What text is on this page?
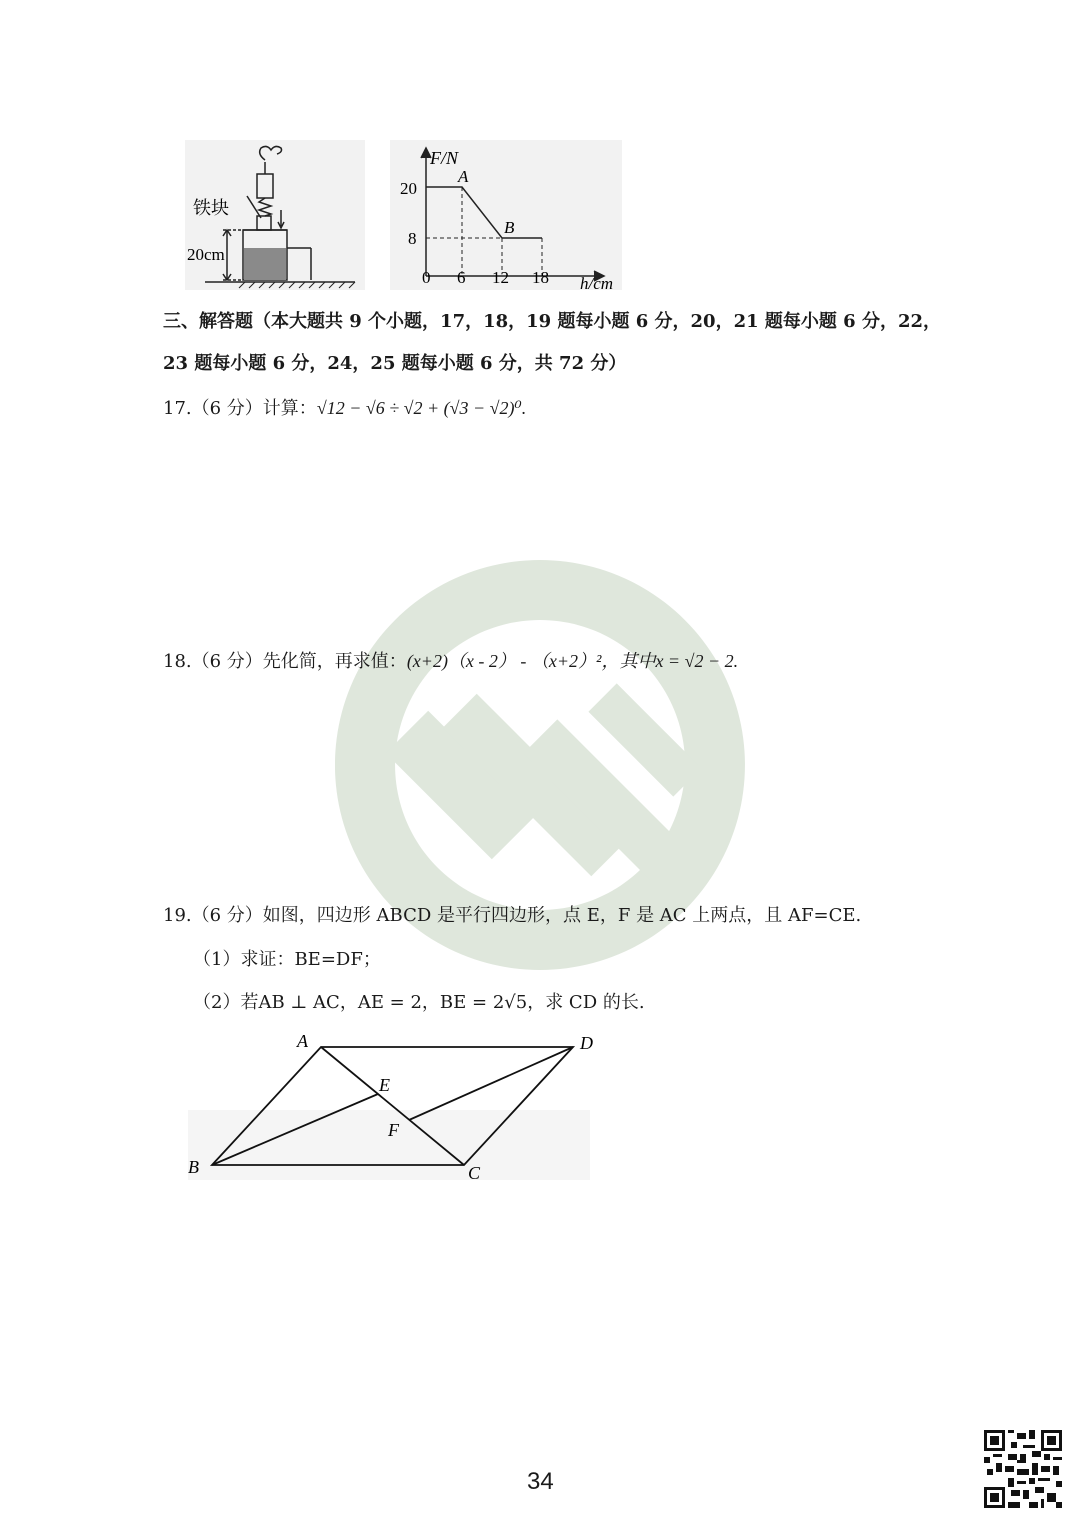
铁块
20cm
F/N
20
8
A
B
0 6 12 18 h/cm
三、解答题（本大题共 9 个小题，17，18，19 题每小题 6 分，20，21 题每小题 6 分，22，
23 题每小题 6 分，24，25 题每小题 6 分，共 72 分）
17.（6 分）计算：√12 − √6 ÷ √2 + (√3 − √2)⁰.
18.（6 分）先化简，再求值：(x+2)（x - 2） - （x+2）²，其中x = √2 − 2.
19.（6 分）如图，四边形 ABCD 是平行四边形，点 E，F 是 AC 上两点，且 AF=CE.
（1）求证：BE=DF；
（2）若AB ⊥ AC，AE = 2，BE = 2√5，求 CD 的长.
A	D
B	C
E
F
34
